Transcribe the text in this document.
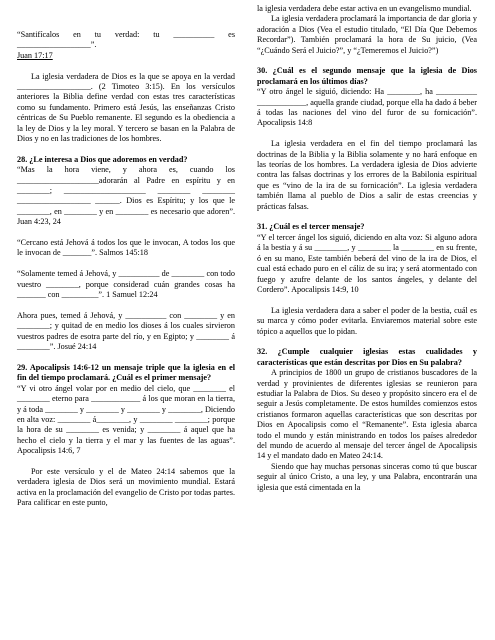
“Santifícalos en tu verdad: tu __________ es __________________”.

Juan 17:17

La iglesia verdadera de Dios es la que se apoya en la verdad __________________. (2 Timoteo 3:15). En los versículos anteriores la Biblia define verdad con estas tres características como su fundamento. Primero está Jesús, las enseñanzas Cristo céntricas de Su Pueblo remanente. El segundo es la obediencia a la ley de Dios y la ley moral. Y tercero se basan en la Palabra de Dios y no en las tradiciones de los hombres.

28. ¿Le interesa a Dios que adoremos en verdad?

“Mas la hora viene, y ahora es, cuando los ____________________adorarán al Padre en espíritu y en ________; ____________________ ________ ________ __________________ ______. Dios es Espíritu; y los que le ________, en ________ y en ________ es necesario que adoren”. Juan 4:23, 24

“Cercano está Jehová á todos los que le invocan, A todos los que le invocan de _______”. Salmos 145:18

“Solamente temed á Jehová, y __________ de ________ con todo vuestro ________, porque considerad cuán grandes cosas ha _______ con _________”. 1 Samuel 12:24

Ahora pues, temed á Jehová, y __________ con ________ y en ________; y quitad de en medio los dioses á los cuales sirvieron vuestros padres de esotra parte del río, y en Egipto; y ________ á ________”. Josué 24:14

29. Apocalipsis 14:6-12 un mensaje triple que la iglesia en el fin del tiempo proclamará. ¿Cuál es el primer mensaje?

“Y vi otro ángel volar por en medio del cielo, que ________ el ________ eterno para ____________ á los que moran en la tierra, y á toda ________ y ________ y ________ y ________, Diciendo en alta voz: ________ á________, y ________ ________; porque la hora de su ________ es venida; y ________ á aquel que ha hecho el cielo y la tierra y el mar y las fuentes de las aguas”. Apocalipsis 14:6, 7

Por este versículo y el de Mateo 24:14 sabemos que la verdadera iglesia de Dios será un movimiento mundial. Estará activa en la proclamación del evangelio de Cristo por todas partes. Para calificar en este punto,

la iglesia verdadera debe estar activa en un evangelismo mundial.

La iglesia verdadera proclamará la importancia de dar gloria y adoración a Dios (Vea el estudio titulado, “El Día Que Debemos Recordar”). También proclamará la hora de Su juicio, (Vea “¿Cuándo Será el Juicio?”, y “¿Temeremos el Juicio?”)

30. ¿Cuál es el segundo mensaje que la iglesia de Dios proclamará en los últimos días?

“Y otro ángel le siguió, diciendo: Ha ________, ha __________ ____________, aquella grande ciudad, porque ella ha dado á beber á todas las naciones del vino del furor de su fornicación”. Apocalipsis 14:8

La iglesia verdadera en el fin del tiempo proclamará las doctrinas de la Biblia y la Biblia solamente y no hará enfoque en las teorías de los hombres. La verdadera iglesia de Dios advierte contra las falsas doctrinas y los errores de la Babilonia espiritual que es “vino de la ira de su fornicación”. La iglesia verdadera también llama al pueblo de Dios a salir de estas creencias y prácticas falsas.

31. ¿Cuál es el tercer mensaje?

“Y el tercer ángel los siguió, diciendo en alta voz: Si alguno adora á la bestia y á su ________, y ________ la ________ en su frente, ó en su mano, Este también beberá del vino de la ira de Dios, el cual está echado puro en el cáliz de su ira; y será atormentado con fuego y azufre delante de los santos ángeles, y delante del Cordero”. Apocalipsis 14:9, 10

La iglesia verdadera dara a saber el poder de la bestia, cuál es su marca y cómo poder evitarla. Enviaremos material sobre este tópico a aquellos que lo pidan.

32. ¿Cumple cualquier iglesias estas cualidades y características que están descritas por Dios en Su palabra?

A principios de 1800 un grupo de cristianos buscadores de la verdad y provinientes de diferentes iglesias se reunieron para estudiar la Palabra de Dios. Su deseo y propósito sincero era el de seguir a Jesús completamente. De estos humildes comienzos estos cristianos formaron aquellas características que son descritas por Dios en Apocalipsis como el “Remanente”. Esta iglesia abarca todo el mundo y están ministrando en todos los países alrededor del mundo de acuerdo al mensaje del tercer ángel de Apocalipsis 14 y el mandato dado en Mateo 24:14.

Siendo que hay muchas personas sinceras como tú que buscar seguir al único Cristo, a una ley, y una Palabra, encontrarán una iglesia que está cimentada en la
